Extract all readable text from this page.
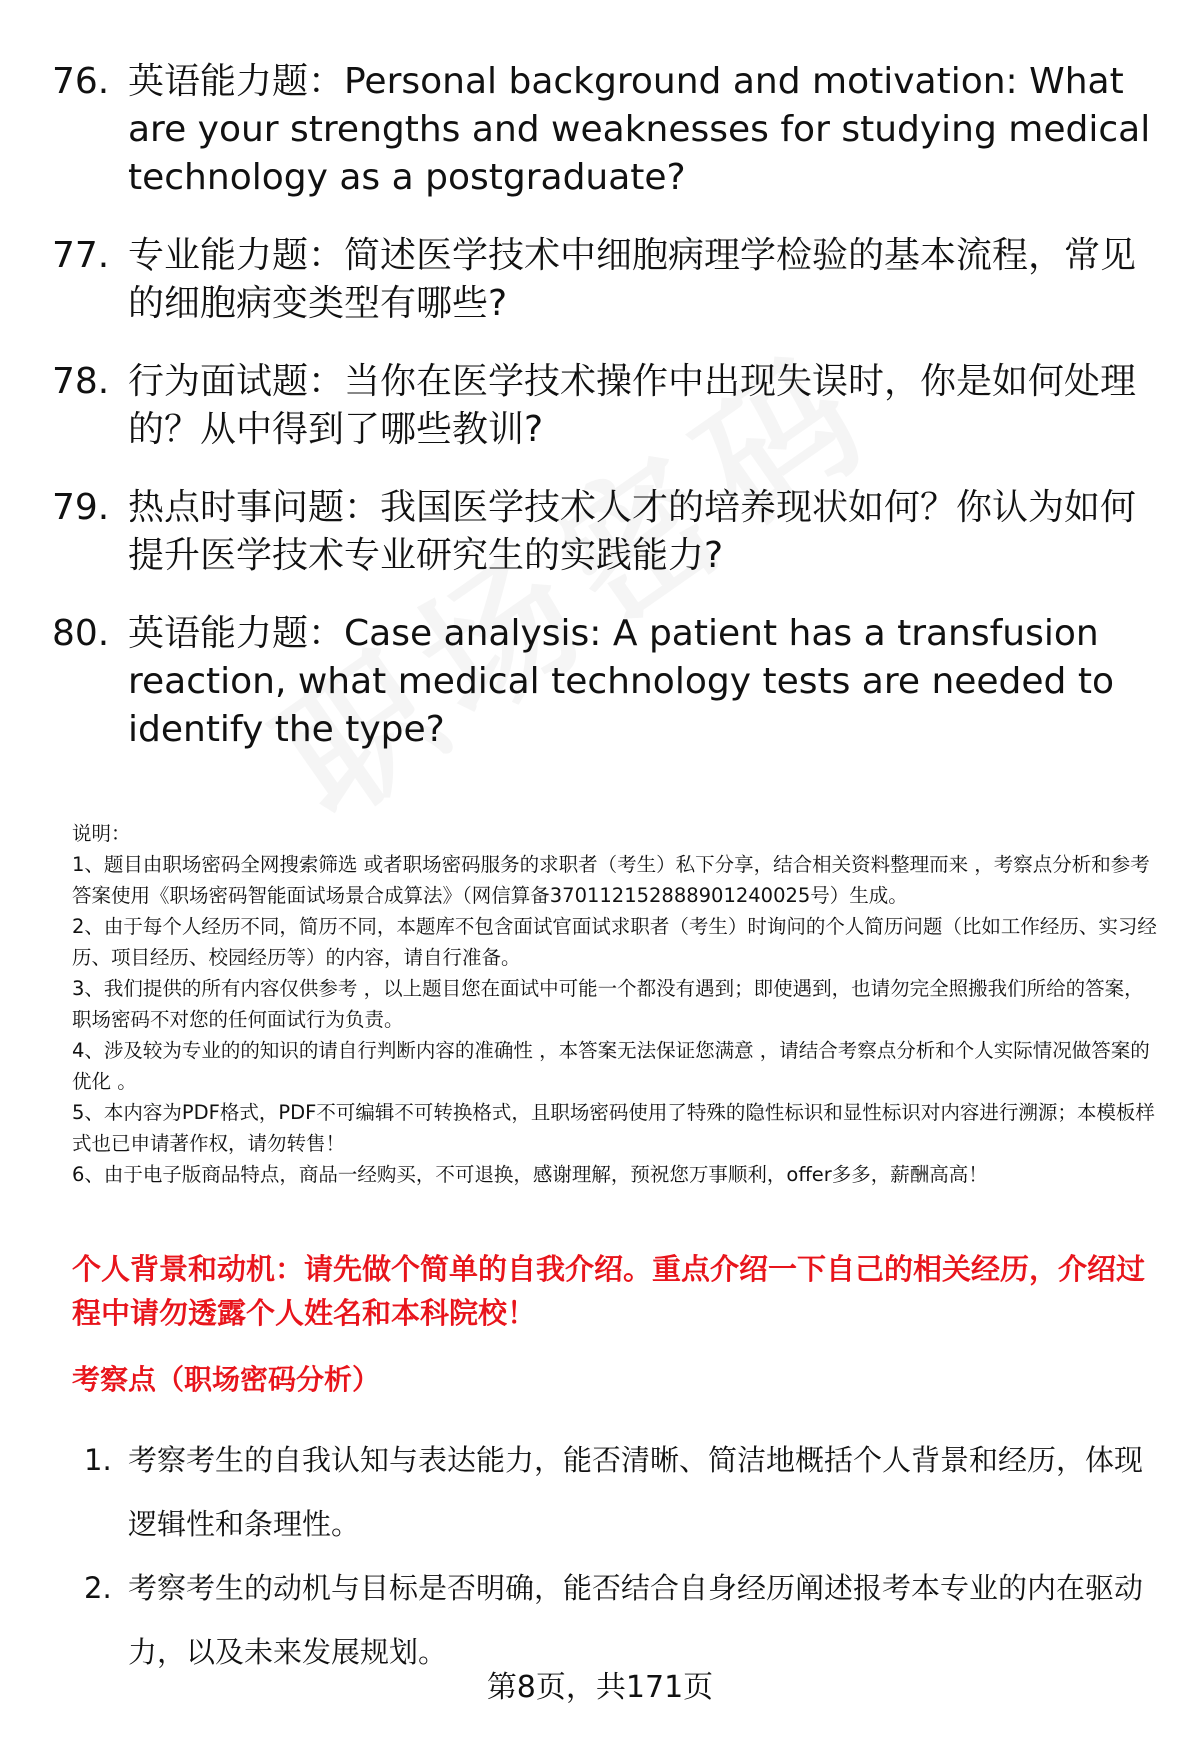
76. 英语能力题：Personal background and motivation: What are your strengths and weaknesses for studying medical technology as a postgraduate?
77. 专业能力题：简述医学技术中细胞病理学检验的基本流程，常见的细胞病变类型有哪些?
78. 行为面试题：当你在医学技术操作中出现失误时，你是如何处理的？从中得到了哪些教训?
79. 热点时事问题：我国医学技术人才的培养现状如何？你认为如何提升医学技术专业研究生的实践能力?
80. 英语能力题：Case analysis: A patient has a transfusion reaction, what medical technology tests are needed to identify the type?

说明：

1、题目由职场密码全网搜索筛选 或者职场密码服务的求职者（考生）私下分享，结合相关资料整理而来 ，考察点分析和参考答案使用《职场密码智能面试场景合成算法》（网信算备370112152888901240025号）生成。

2、由于每个人经历不同，简历不同，本题库不包含面试官面试求职者（考生）时询问的个人简历问题（比如工作经历、实习经历、项目经历、校园经历等）的内容，请自行准备。

3、我们提供的所有内容仅供参考 ，以上题目您在面试中可能一个都没有遇到；即使遇到，也请勿完全照搬我们所给的答案，职场密码不对您的任何面试行为负责。

4、涉及较为专业的的知识的请自行判断内容的准确性 ，本答案无法保证您满意 ，请结合考察点分析和个人实际情况做答案的优化 。

5、本内容为PDF格式，PDF不可编辑不可转换格式，且职场密码使用了特殊的隐性标识和显性标识对内容进行溯源；本模板样式也已申请著作权，请勿转售！

6、由于电子版商品特点，商品一经购买，不可退换，感谢理解，预祝您万事顺利，offer多多，薪酬高高！

个人背景和动机：请先做个简单的自我介绍。重点介绍一下自己的相关经历，介绍过程中请勿透露个人姓名和本科院校！
考察点（职场密码分析）
1. 考察考生的自我认知与表达能力，能否清晰、简洁地概括个人背景和经历，体现逻辑性和条理性。
2. 考察考生的动机与目标是否明确，能否结合自身经历阐述报考本专业的内在驱动力，以及未来发展规划。
第8页，共171页
